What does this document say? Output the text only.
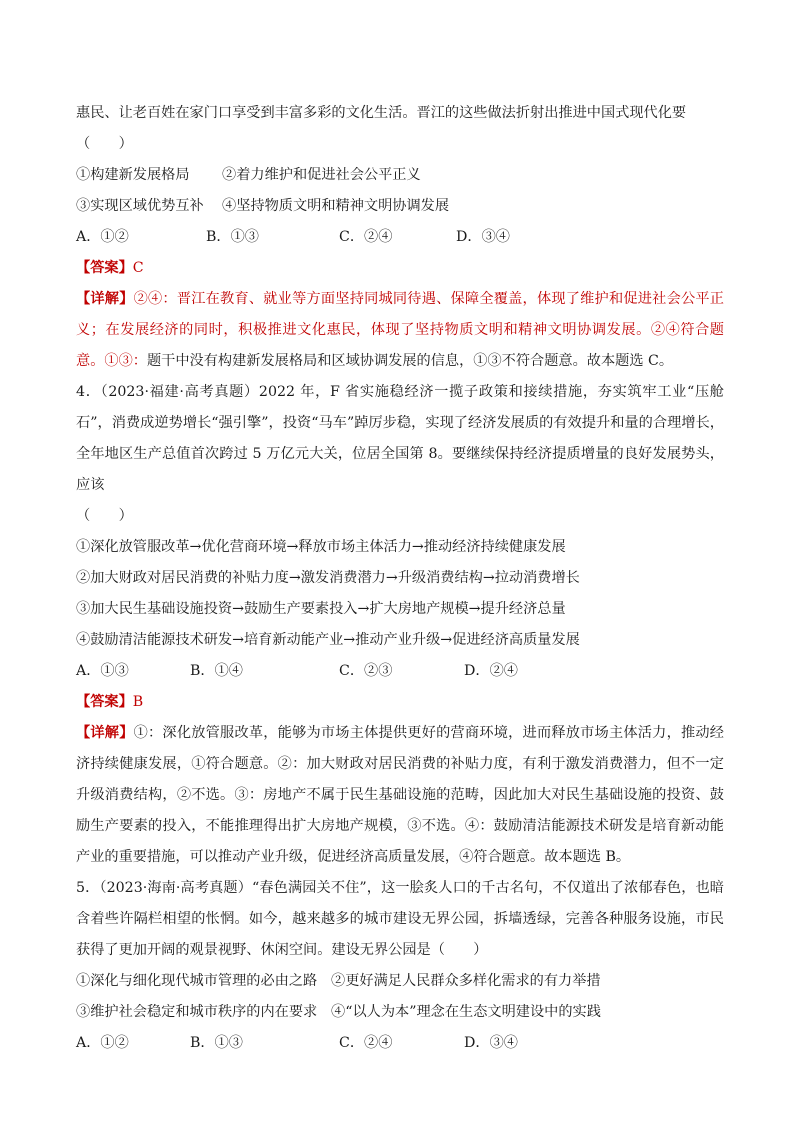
惠民、让老百姓在家门口享受到丰富多彩的文化生活。晋江的这些做法折射出推进中国式现代化要
（　　）
①构建新发展格局	②着力维护和促进社会公平正义
③实现区域优势互补	④坚持物质文明和精神文明协调发展
A．①②	B．①③	C．②④	D．③④
【答案】C
【详解】②④：晋江在教育、就业等方面坚持同城同待遇、保障全覆盖，体现了维护和促进社会公平正义；在发展经济的同时，积极推进文化惠民，体现了坚持物质文明和精神文明协调发展。②④符合题意。①③：题干中没有构建新发展格局和区域协调发展的信息，①③不符合题意。故本题选 C。
4．（2023·福建·高考真题）2022 年，F 省实施稳经济一揽子政策和接续措施，夯实筑牢工业“压舱石”，消费成逆势增长“强引擎”，投资“马车”踔厉步稳，实现了经济发展质的有效提升和量的合理增长，全年地区生产总值首次跨过 5 万亿元大关，位居全国第 8。要继续保持经济提质增量的良好发展势头，应该
（　　）
①深化放管服改革→优化营商环境→释放市场主体活力→推动经济持续健康发展
②加大财政对居民消费的补贴力度→激发消费潜力→升级消费结构→拉动消费增长
③加大民生基础设施投资→鼓励生产要素投入→扩大房地产规模→提升经济总量
④鼓励清洁能源技术研发→培育新动能产业→推动产业升级→促进经济高质量发展
A．①③	B．①④	C．②③	D．②④
【答案】B
【详解】①：深化放管服改革，能够为市场主体提供更好的营商环境，进而释放市场主体活力，推动经济持续健康发展，①符合题意。②：加大财政对居民消费的补贴力度，有利于激发消费潜力，但不一定升级消费结构，②不选。③：房地产不属于民生基础设施的范畴，因此加大对民生基础设施的投资、鼓励生产要素的投入，不能推理得出扩大房地产规模，③不选。④：鼓励清洁能源技术研发是培育新动能产业的重要措施，可以推动产业升级，促进经济高质量发展，④符合题意。故本题选 B。
5．（2023·海南·高考真题）“春色满园关不住”，这一脍炙人口的千古名句，不仅道出了浓郁春色，也暗含着些许隔栏相望的怅惘。如今，越来越多的城市建设无界公园，拆墙透绿，完善各种服务设施，市民获得了更加开阔的观景视野、休闲空间。建设无界公园是（　　）
①深化与细化现代城市管理的必由之路 ②更好满足人民群众多样化需求的有力举措
③维护社会稳定和城市秩序的内在要求 ④“以人为本”理念在生态文明建设中的实践
A．①②	B．①③	C．②④	D．③④
